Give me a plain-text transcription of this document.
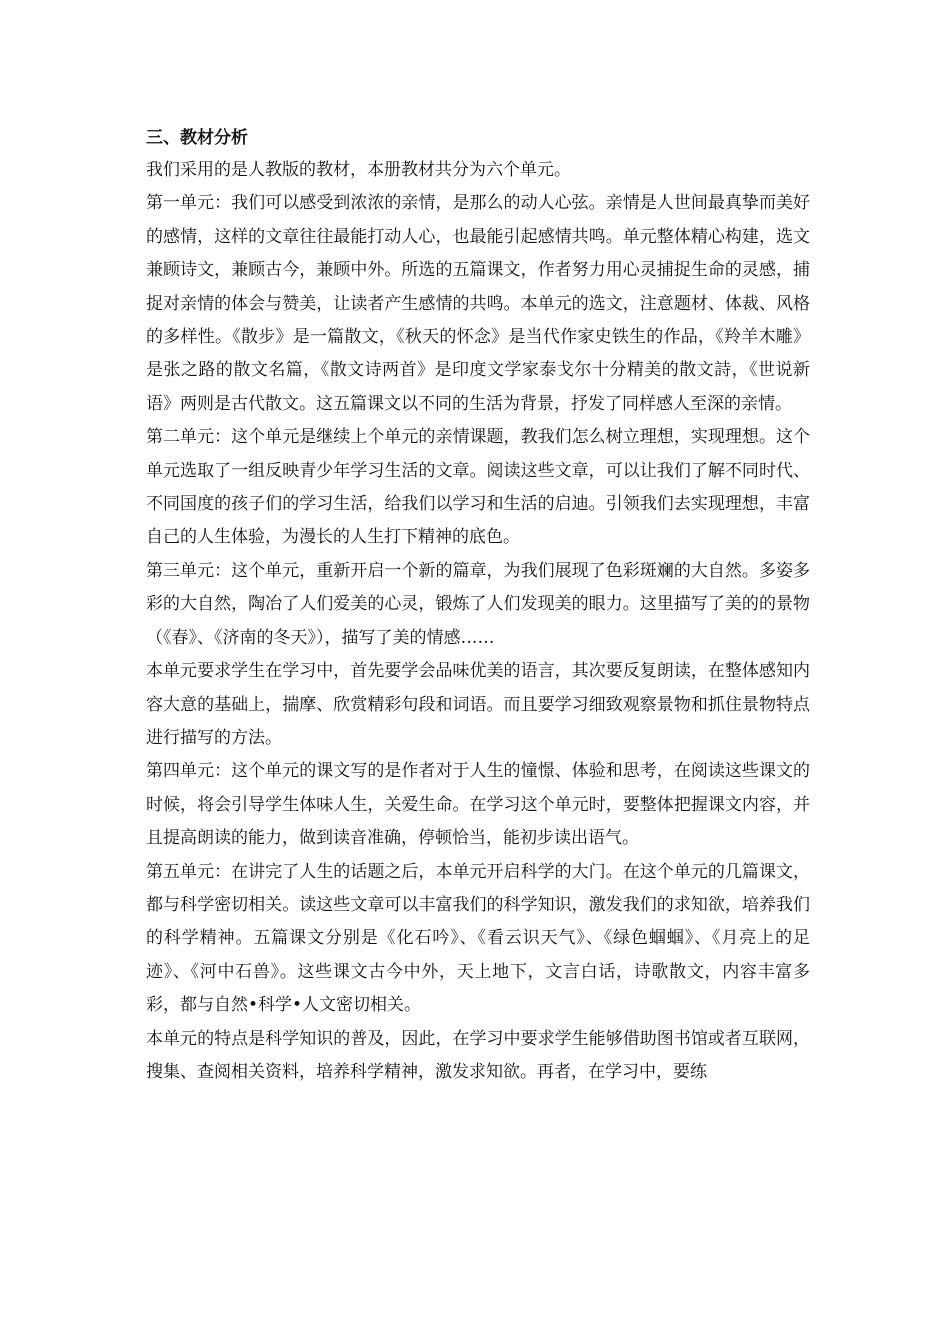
三、教材分析

我们采用的是人教版的教材，本册教材共分为六个单元。

第一单元：我们可以感受到浓浓的亲情，是那么的动人心弦。亲情是人世间最真挚而美好的感情，这样的文章往往最能打动人心，也最能引起感情共鸣。单元整体精心构建，选文兼顾诗文，兼顾古今，兼顾中外。所选的五篇课文，作者努力用心灵捕捉生命的灵感，捕捉对亲情的体会与赞美，让读者产生感情的共鸣。本单元的选文，注意题材、体裁、风格的多样性。《散步》是一篇散文，《秋天的怀念》是当代作家史铁生的作品，《羚羊木雕》是张之路的散文名篇，《散文诗两首》是印度文学家泰戈尔十分精美的散文詩，《世说新语》两则是古代散文。这五篇课文以不同的生活为背景，抒发了同样感人至深的亲情。

第二单元：这个单元是继续上个单元的亲情课题，教我们怎么树立理想，实现理想。这个单元选取了一组反映青少年学习生活的文章。阅读这些文章，可以让我们了解不同时代、不同国度的孩子们的学习生活，给我们以学习和生活的启迪。引领我们去实现理想，丰富自己的人生体验，为漫长的人生打下精神的底色。

第三单元：这个单元，重新开启一个新的篇章，为我们展现了色彩斑斓的大自然。多姿多彩的大自然，陶冶了人们爱美的心灵，锻炼了人们发现美的眼力。这里描写了美的的景物（《春》、《济南的冬天》），描写了美的情感……

本单元要求学生在学习中，首先要学会品味优美的语言，其次要反复朗读，在整体感知内容大意的基础上，揣摩、欣赏精彩句段和词语。而且要学习细致观察景物和抓住景物特点进行描写的方法。

第四单元：这个单元的课文写的是作者对于人生的憧憬、体验和思考，在阅读这些课文的时候，将会引导学生体味人生，关爱生命。在学习这个单元时，要整体把握课文内容，并且提高朗读的能力，做到读音准确，停顿恰当，能初步读出语气。

第五单元：在讲完了人生的话题之后，本单元开启科学的大门。在这个单元的几篇课文，都与科学密切相关。读这些文章可以丰富我们的科学知识，激发我们的求知欲，培养我们的科学精神。五篇课文分别是《化石吟》、《看云识天气》、《绿色蝈蝈》、《月亮上的足迹》、《河中石兽》。这些课文古今中外，天上地下，文言白话，诗歌散文，内容丰富多彩，都与自然•科学•人文密切相关。

本单元的特点是科学知识的普及，因此，在学习中要求学生能够借助图书馆或者互联网，搜集、查阅相关资料，培养科学精神，激发求知欲。再者，在学习中，要练
